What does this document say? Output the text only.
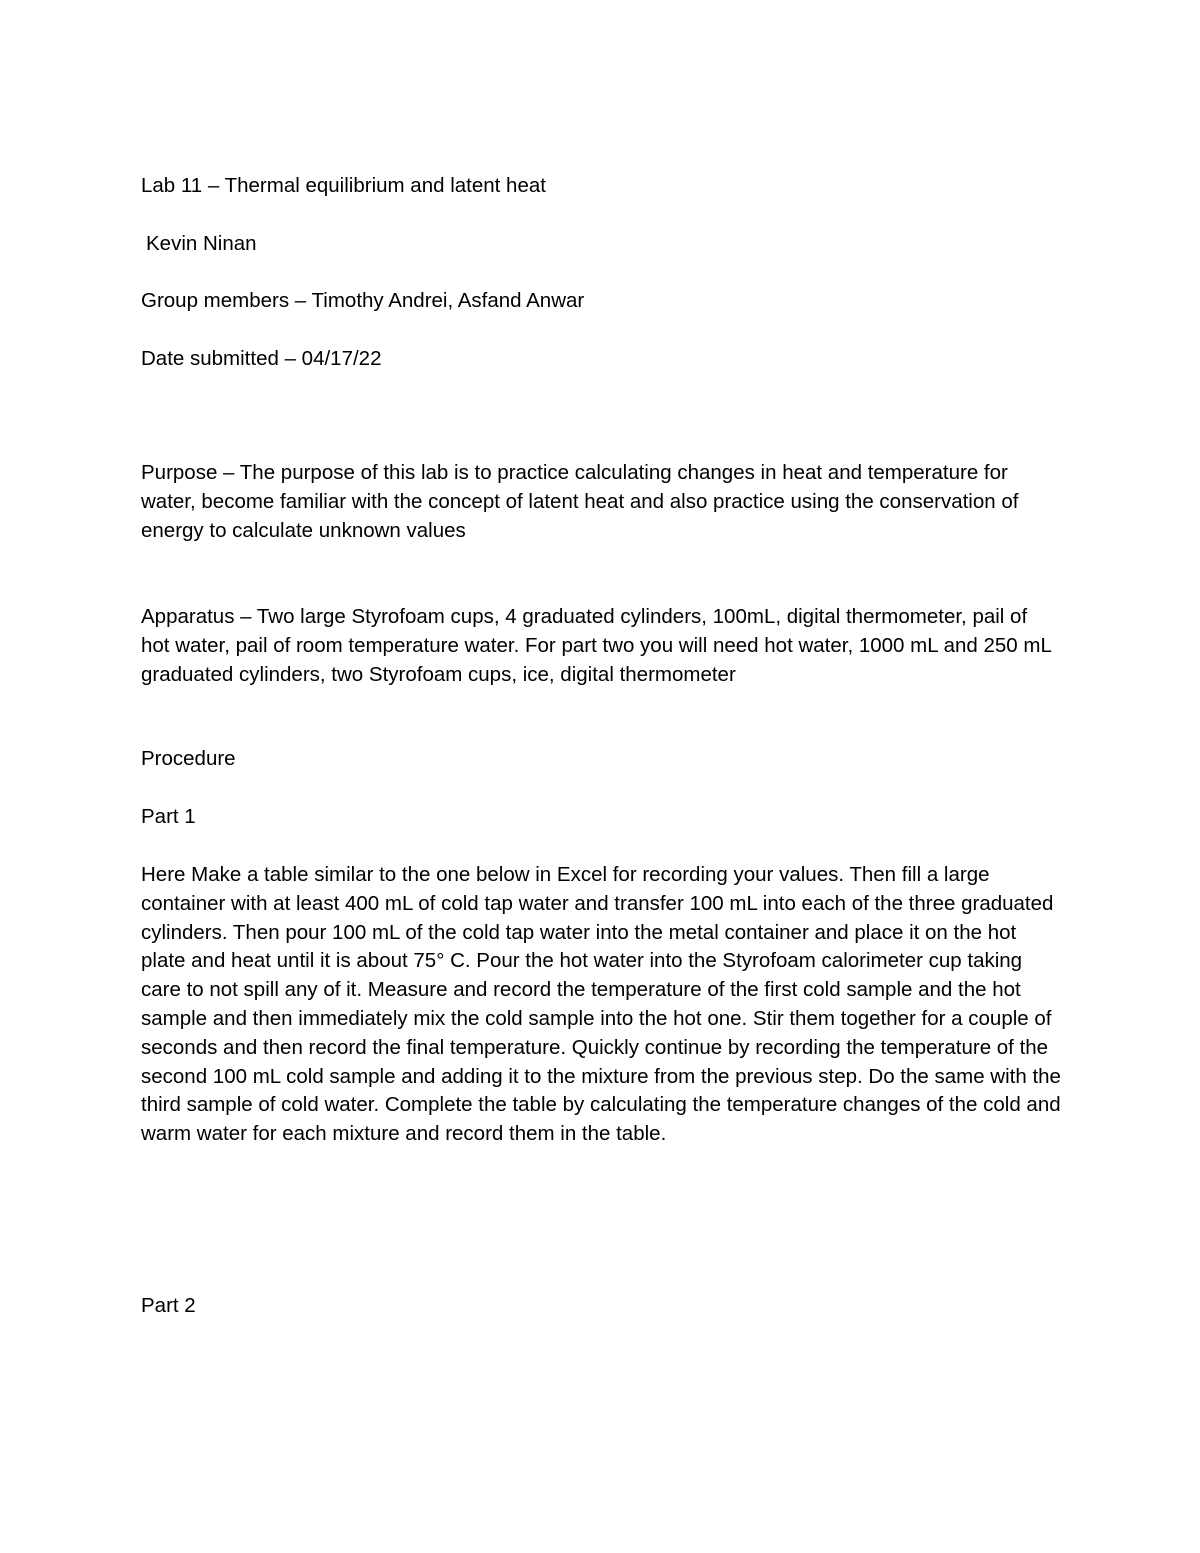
Lab 11 – Thermal equilibrium and latent heat

Kevin Ninan

Group members – Timothy Andrei, Asfand Anwar

Date submitted – 04/17/22

Purpose – The purpose of this lab is to practice calculating changes in heat and temperature for water, become familiar with the concept of latent heat and also practice using the conservation of energy to calculate unknown values

Apparatus – Two large Styrofoam cups, 4 graduated cylinders, 100mL, digital thermometer, pail of hot water, pail of room temperature water. For part two you will need hot water, 1000 mL and 250 mL graduated cylinders, two Styrofoam cups, ice, digital thermometer

Procedure

Part 1

Here Make a table similar to the one below in Excel for recording your values. Then fill a large container with at least 400 mL of cold tap water and transfer 100 mL into each of the three graduated cylinders. Then pour 100 mL of the cold tap water into the metal container and place it on the hot plate and heat until it is about 75° C. Pour the hot water into the Styrofoam calorimeter cup taking care to not spill any of it. Measure and record the temperature of the first cold sample and the hot sample and then immediately mix the cold sample into the hot one. Stir them together for a couple of seconds and then record the final temperature. Quickly continue by recording the temperature of the second 100 mL cold sample and adding it to the mixture from the previous step. Do the same with the third sample of cold water. Complete the table by calculating the temperature changes of the cold and warm water for each mixture and record them in the table.

Part 2
